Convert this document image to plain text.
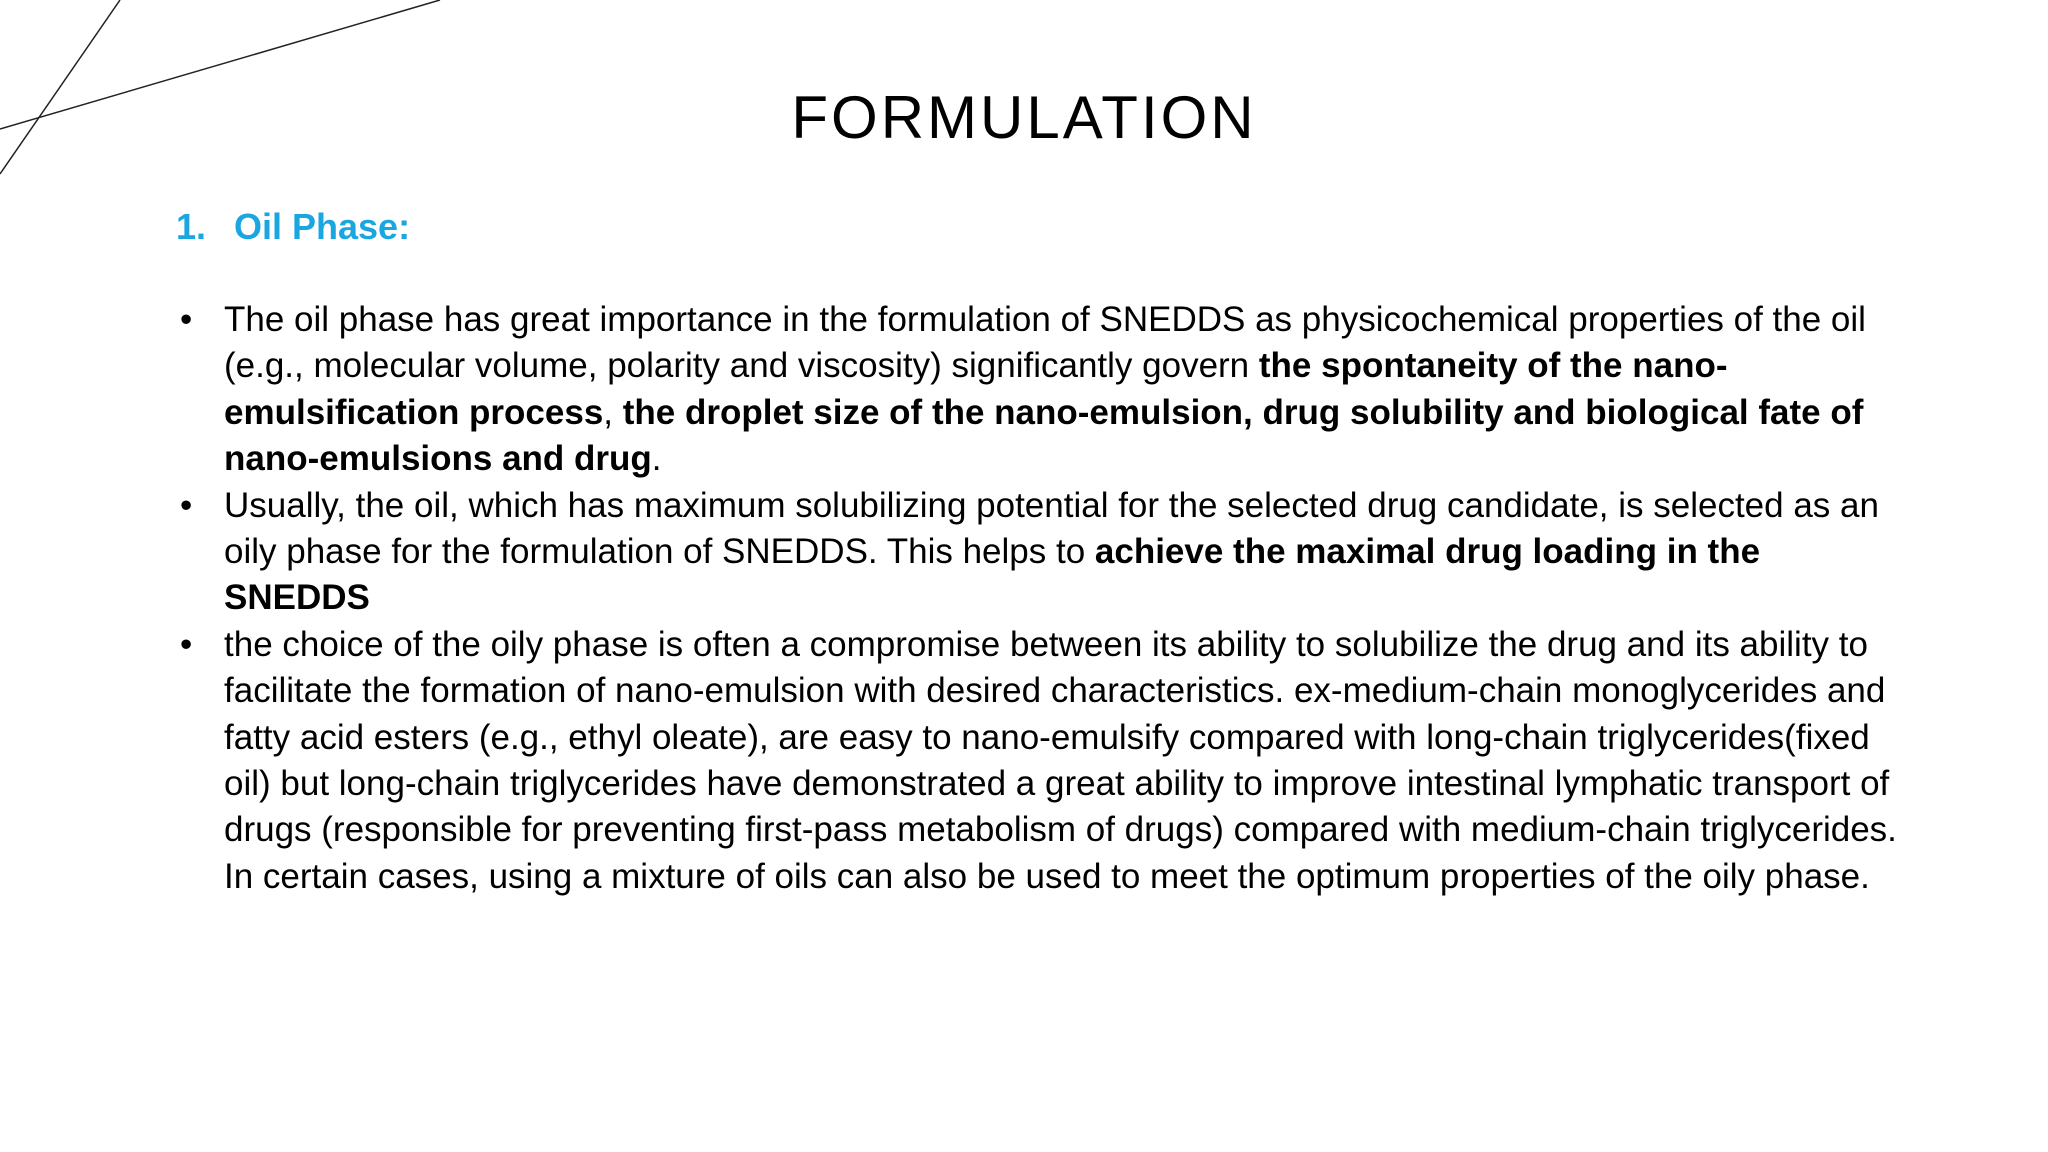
FORMULATION
1. Oil Phase:
• The oil phase has great importance in the formulation of SNEDDS as physicochemical properties of the oil (e.g., molecular volume, polarity and viscosity) significantly govern the spontaneity of the nano-emulsification process, the droplet size of the nano-emulsion, drug solubility and biological fate of nano-emulsions and drug.
• Usually, the oil, which has maximum solubilizing potential for the selected drug candidate, is selected as an oily phase for the formulation of SNEDDS. This helps to achieve the maximal drug loading in the SNEDDS
• the choice of the oily phase is often a compromise between its ability to solubilize the drug and its ability to facilitate the formation of nano-emulsion with desired characteristics. ex-medium-chain monoglycerides and fatty acid esters (e.g., ethyl oleate), are easy to nano-emulsify compared with long-chain triglycerides(fixed oil) but long-chain triglycerides have demonstrated a great ability to improve intestinal lymphatic transport of drugs (responsible for preventing first-pass metabolism of drugs) compared with medium-chain triglycerides. In certain cases, using a mixture of oils can also be used to meet the optimum properties of the oily phase.
